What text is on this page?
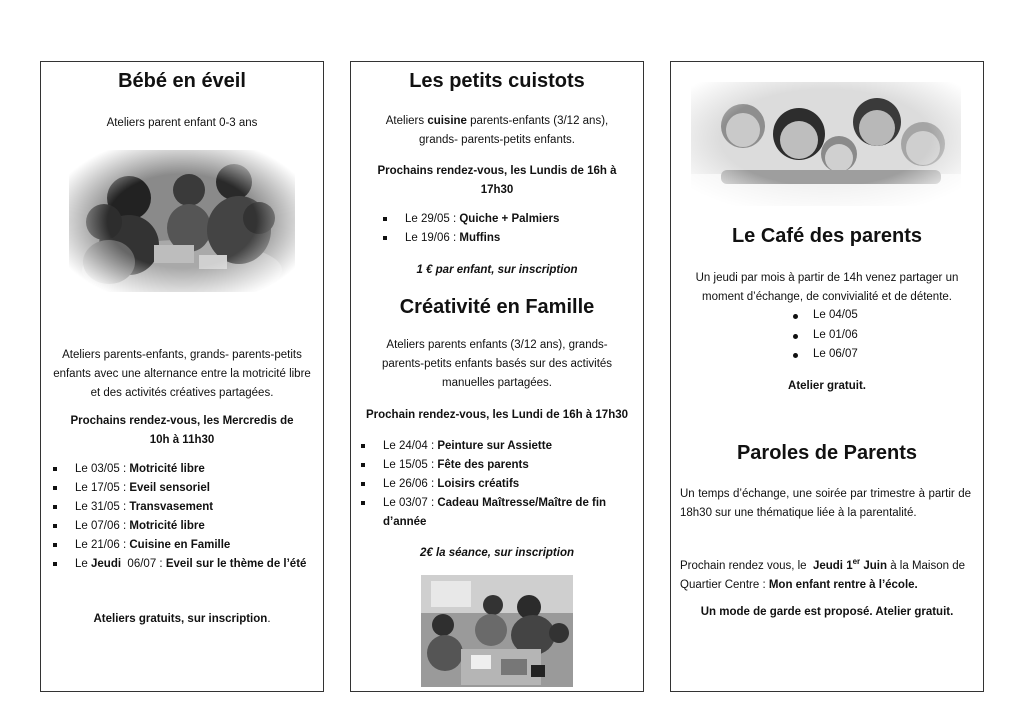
Bébé en éveil
Ateliers parent enfant 0-3 ans
Ateliers parents-enfants, grands- parents-petits enfants avec une alternance entre la motricité libre et des activités créatives partagées.
Prochains rendez-vous, les Mercredis de 10h à 11h30
Le 03/05 : Motricité libre
Le 17/05 : Eveil sensoriel
Le 31/05 : Transvasement
Le 07/06 : Motricité libre
Le 21/06 : Cuisine en Famille
Le Jeudi  06/07 : Eveil sur le thème de l’été
Ateliers gratuits, sur inscription.
Les petits cuistots
Ateliers cuisine parents-enfants (3/12 ans), grands- parents-petits enfants.
Prochains rendez-vous, les Lundis de 16h à 17h30
Le 29/05 : Quiche + Palmiers
Le 19/06 : Muffins
1 € par enfant, sur inscription
Créativité en Famille
Ateliers parents enfants (3/12 ans), grands-parents-petits enfants basés sur des activités manuelles partagées.
Prochain rendez-vous, les Lundi de 16h à 17h30
Le 24/04 : Peinture sur Assiette
Le 15/05 : Fête des parents
Le 26/06 : Loisirs créatifs
Le 03/07 : Cadeau Maîtresse/Maître de fin d’année
2€ la séance, sur inscription
Le Café des parents
Un jeudi par mois à partir de 14h venez partager un moment d’échange, de convivialité et de détente.
Le 04/05
Le 01/06
Le 06/07
Atelier gratuit.
Paroles de Parents
Un temps d’échange, une soirée par trimestre à partir de 18h30 sur une thématique liée à la parentalité.
Prochain rendez vous, le  Jeudi 1er Juin à la Maison de Quartier Centre : Mon enfant rentre à l’école.
Un mode de garde est proposé. Atelier gratuit.
